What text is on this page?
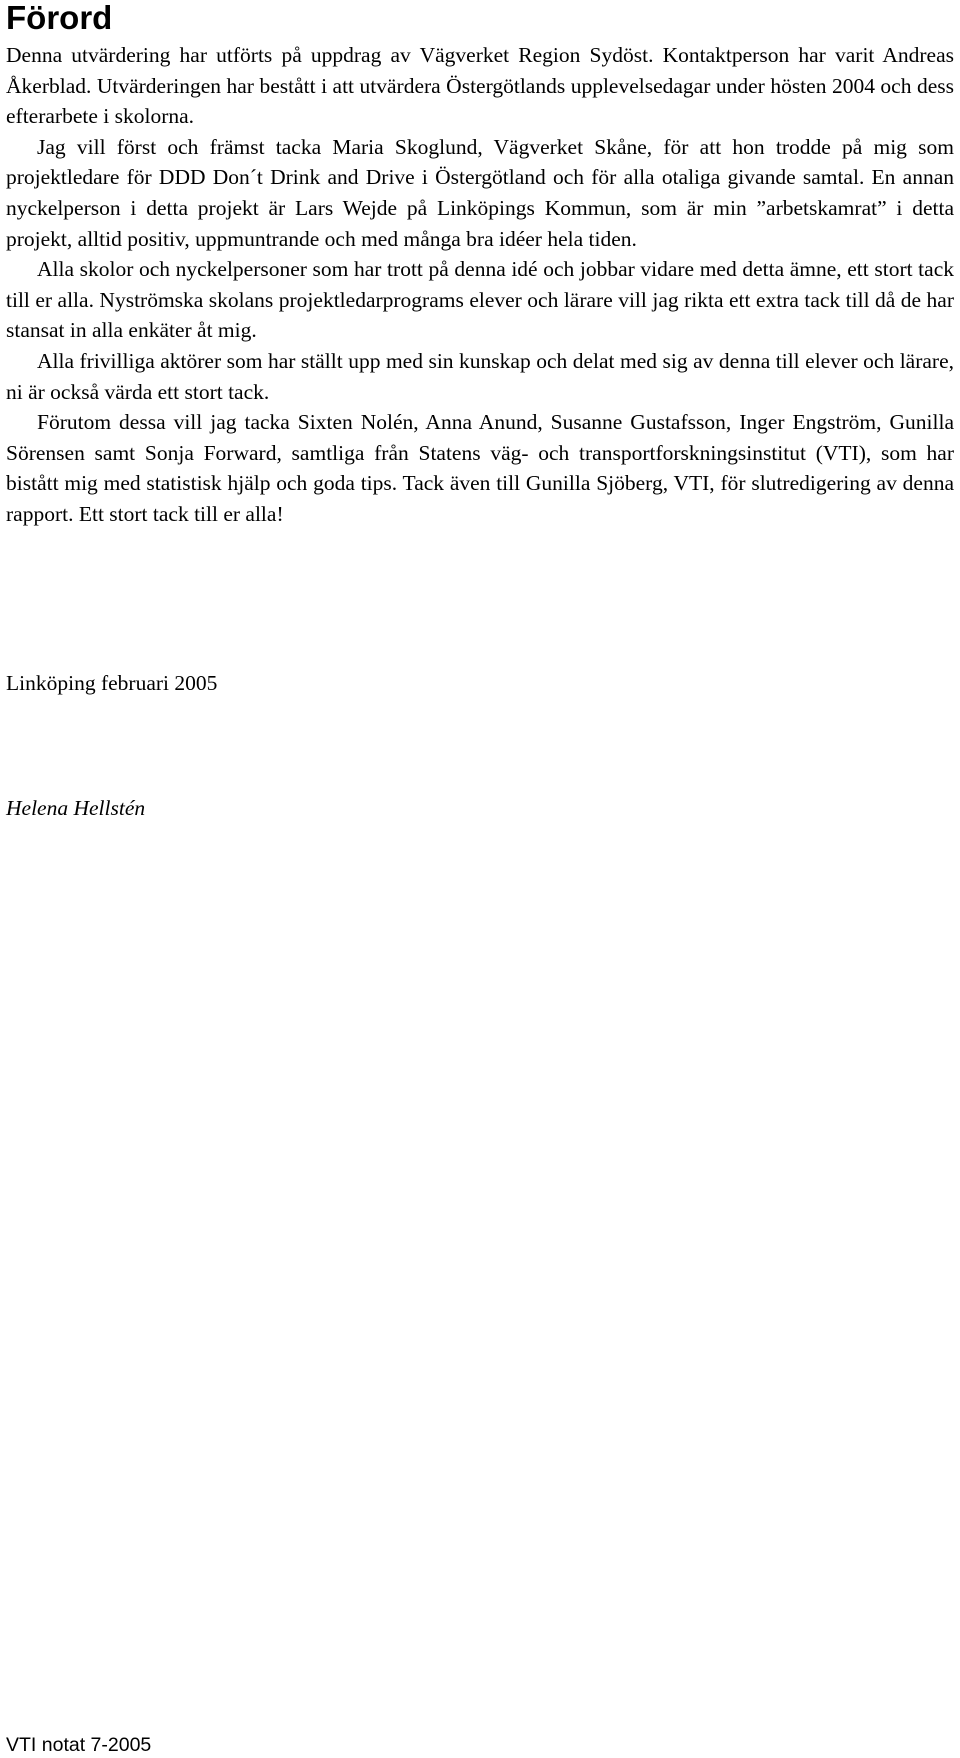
Förord

Denna utvärdering har utförts på uppdrag av Vägverket Region Sydöst. Kontaktperson har varit Andreas Åkerblad. Utvärderingen har bestått i att utvärdera Östergötlands upplevelsedagar under hösten 2004 och dess efterarbete i skolorna.

Jag vill först och främst tacka Maria Skoglund, Vägverket Skåne, för att hon trodde på mig som projektledare för DDD Don´t Drink and Drive i Östergötland och för alla otaliga givande samtal. En annan nyckelperson i detta projekt är Lars Wejde på Linköpings Kommun, som är min ”arbetskamrat” i detta projekt, alltid positiv, uppmuntrande och med många bra idéer hela tiden.

Alla skolor och nyckelpersoner som har trott på denna idé och jobbar vidare med detta ämne, ett stort tack till er alla. Nyströmska skolans projektledarprograms elever och lärare vill jag rikta ett extra tack till då de har stansat in alla enkäter åt mig.

Alla frivilliga aktörer som har ställt upp med sin kunskap och delat med sig av denna till elever och lärare, ni är också värda ett stort tack.

Förutom dessa vill jag tacka Sixten Nolén, Anna Anund, Susanne Gustafsson, Inger Engström, Gunilla Sörensen samt Sonja Forward, samtliga från Statens väg- och transportforskningsinstitut (VTI), som har bistått mig med statistisk hjälp och goda tips. Tack även till Gunilla Sjöberg, VTI, för slutredigering av denna rapport. Ett stort tack till er alla!

Linköping februari 2005

Helena Hellstén

VTI notat 7-2005
